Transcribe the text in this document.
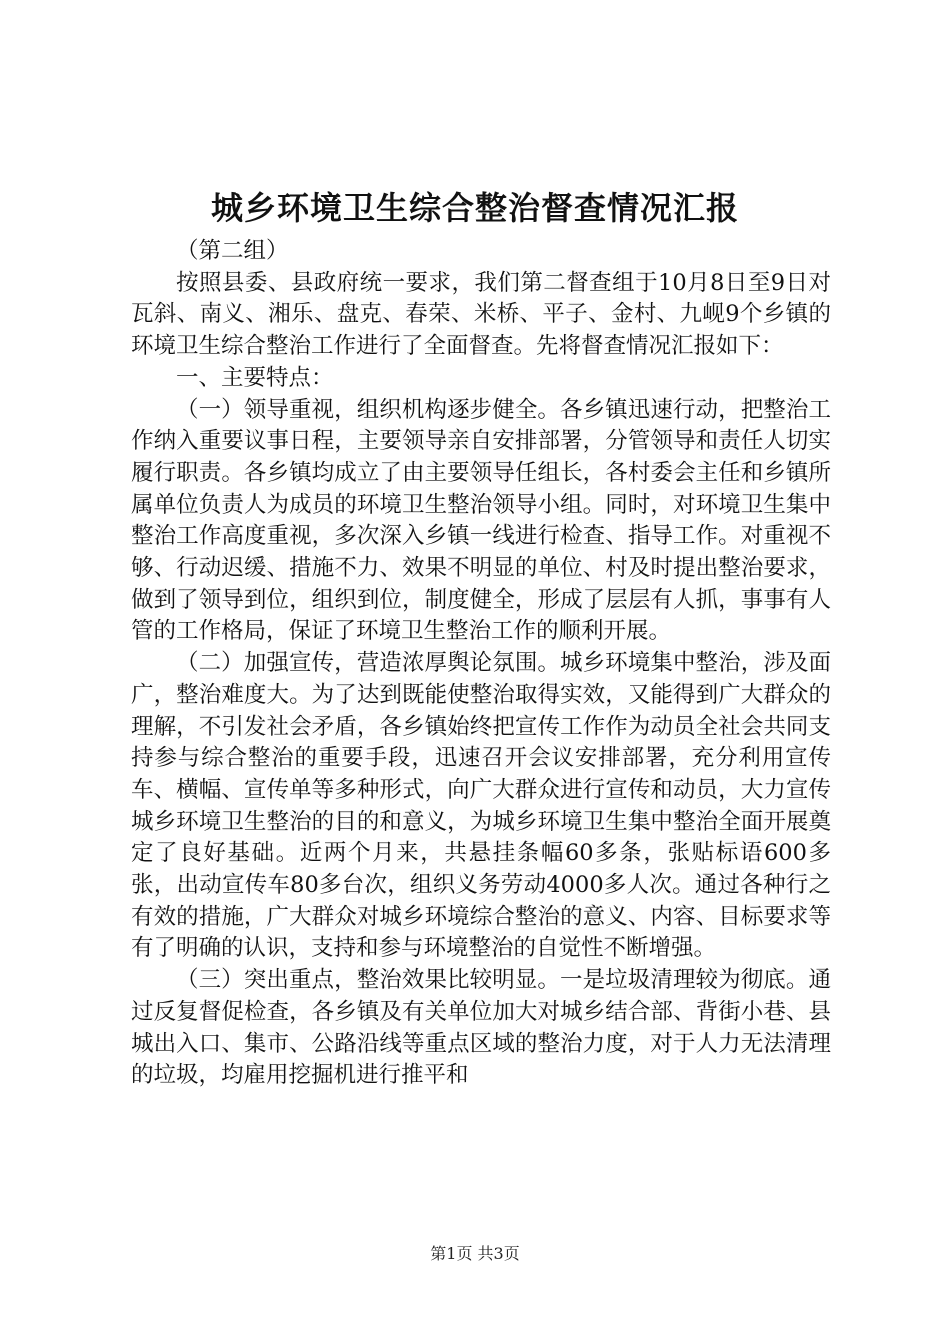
城乡环境卫生综合整治督查情况汇报

（第二组）

按照县委、县政府统一要求，我们第二督查组于10月8日至9日对瓦斜、南义、湘乐、盘克、春荣、米桥、平子、金村、九岘9个乡镇的环境卫生综合整治工作进行了全面督查。先将督查情况汇报如下：

一、主要特点：

（一）领导重视，组织机构逐步健全。各乡镇迅速行动，把整治工作纳入重要议事日程，主要领导亲自安排部署，分管领导和责任人切实履行职责。各乡镇均成立了由主要领导任组长，各村委会主任和乡镇所属单位负责人为成员的环境卫生整治领导小组。同时，对环境卫生集中整治工作高度重视，多次深入乡镇一线进行检查、指导工作。对重视不够、行动迟缓、措施不力、效果不明显的单位、村及时提出整治要求，做到了领导到位，组织到位，制度健全，形成了层层有人抓，事事有人管的工作格局，保证了环境卫生整治工作的顺利开展。

（二）加强宣传，营造浓厚舆论氛围。城乡环境集中整治，涉及面广，整治难度大。为了达到既能使整治取得实效，又能得到广大群众的理解，不引发社会矛盾，各乡镇始终把宣传工作作为动员全社会共同支持参与综合整治的重要手段，迅速召开会议安排部署，充分利用宣传车、横幅、宣传单等多种形式，向广大群众进行宣传和动员，大力宣传城乡环境卫生整治的目的和意义，为城乡环境卫生集中整治全面开展奠定了良好基础。近两个月来，共悬挂条幅60多条，张贴标语600多张，出动宣传车80多台次，组织义务劳动4000多人次。通过各种行之有效的措施，广大群众对城乡环境综合整治的意义、内容、目标要求等有了明确的认识，支持和参与环境整治的自觉性不断增强。

（三）突出重点，整治效果比较明显。一是垃圾清理较为彻底。通过反复督促检查，各乡镇及有关单位加大对城乡结合部、背街小巷、县城出入口、集市、公路沿线等重点区域的整治力度，对于人力无法清理的垃圾，均雇用挖掘机进行推平和

第1页 共3页
